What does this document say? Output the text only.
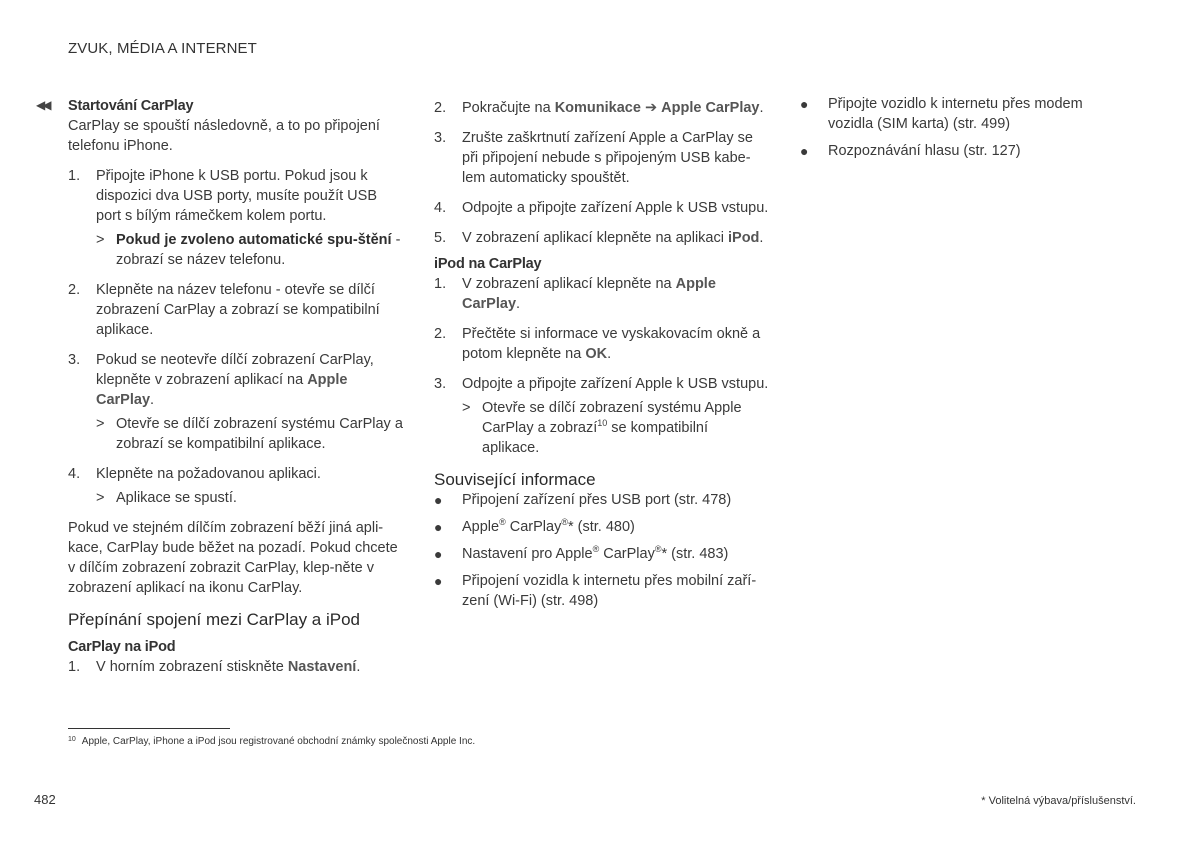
ZVUK, MÉDIA A INTERNET
◀◀ Startování CarPlay

CarPlay se spouští následovně, a to po připojení telefonu iPhone.

1.	Připojte iPhone k USB portu. Pokud jsou k dispozici dva USB porty, musíte použít USB port s bílým rámečkem kolem portu.
> Pokud je zvoleno automatické spu-štění - zobrazí se název telefonu.
2.	Klepněte na název telefonu - otevře se dílčí zobrazení CarPlay a zobrazí se kompatibilní aplikace.
3.	Pokud se neotevře dílčí zobrazení CarPlay, klepněte v zobrazení aplikací na Apple CarPlay.
> Otevře se dílčí zobrazení systému CarPlay a zobrazí se kompatibilní aplikace.
4.	Klepněte na požadovanou aplikaci.
> Aplikace se spustí.

Pokud ve stejném dílčím zobrazení běží jiná apli-kace, CarPlay bude běžet na pozadí. Pokud chcete v dílčím zobrazení zobrazit CarPlay, klep-něte v zobrazení aplikací na ikonu CarPlay.

Přepínání spojení mezi CarPlay a iPod
CarPlay na iPod
1.	V horním zobrazení stiskněte Nastavení.
2.	Pokračujte na Komunikace ➔ Apple CarPlay.
3.	Zrušte zaškrtnutí zařízení Apple a CarPlay se při připojení nebude s připojeným USB kabe-lem automaticky spouštět.
4.	Odpojte a připojte zařízení Apple k USB vstupu.
5.	V zobrazení aplikací klepněte na aplikaci iPod.
iPod na CarPlay
1.	V zobrazení aplikací klepněte na Apple CarPlay.
2.	Přečtěte si informace ve vyskakovacím okně a potom klepněte na OK.
3.	Odpojte a připojte zařízení Apple k USB vstupu.
> Otevře se dílčí zobrazení systému Apple CarPlay a zobrazí$^{10}$ se kompatibilní aplikace.
Související informace
●	Připojení zařízení přes USB port (str. 478)
●	Apple® CarPlay®* (str. 480)
●	Nastavení pro Apple® CarPlay®* (str. 483)
●	Připojení vozidla k internetu přes mobilní zaří-zení (Wi-Fi) (str. 498)
●	Připojte vozidlo k internetu přes modem vozidla (SIM karta) (str. 499)
●	Rozpoznávání hlasu (str. 127)
$^{10}$ Apple, CarPlay, iPhone a iPod jsou registrované obchodní známky společnosti Apple Inc.
482	* Volitelná výbava/příslušenství.
